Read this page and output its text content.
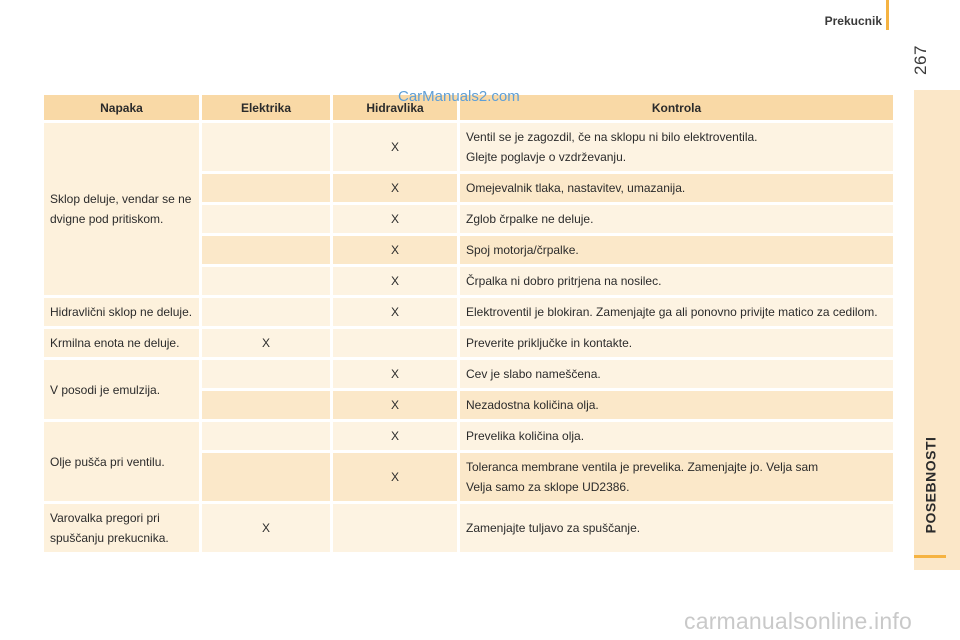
Prekucnik
267
POSEBNOSTI
Napaka	Elektrika	Hidravlika	Kontrola
Sklop deluje, vendar se ne dvigne pod pritiskom.		X	Ventil se je zagozdil, če na sklopu ni bilo elektroventila.
Glejte poglavje o vzdrževanju.

		X	Omejevalnik tlaka, nastavitev, umazanija.

		X	Zglob črpalke ne deluje.

		X	Spoj motorja/črpalke.

		X	Črpalka ni dobro pritrjena na nosilec.

Hidravlični sklop ne deluje.		X	Elektroventil je blokiran. Zamenjajte ga ali ponovno privijte matico za cedilom.

Krmilna enota ne deluje.	X		Preverite priključke in kontakte.

V posodi je emulzija.		X	Cev je slabo nameščena.

		X	Nezadostna količina olja.

Olje pušča pri ventilu.		X	Prevelika količina olja.

		X	Toleranca membrane ventila je prevelika. Zamenjajte jo. Velja sam
Velja samo za sklope UD2386.

Varovalka pregori pri spuščanju prekucnika.	X		Zamenjajte tuljavo za spuščanje.
CarManuals2.com
carmanualsonline.info
